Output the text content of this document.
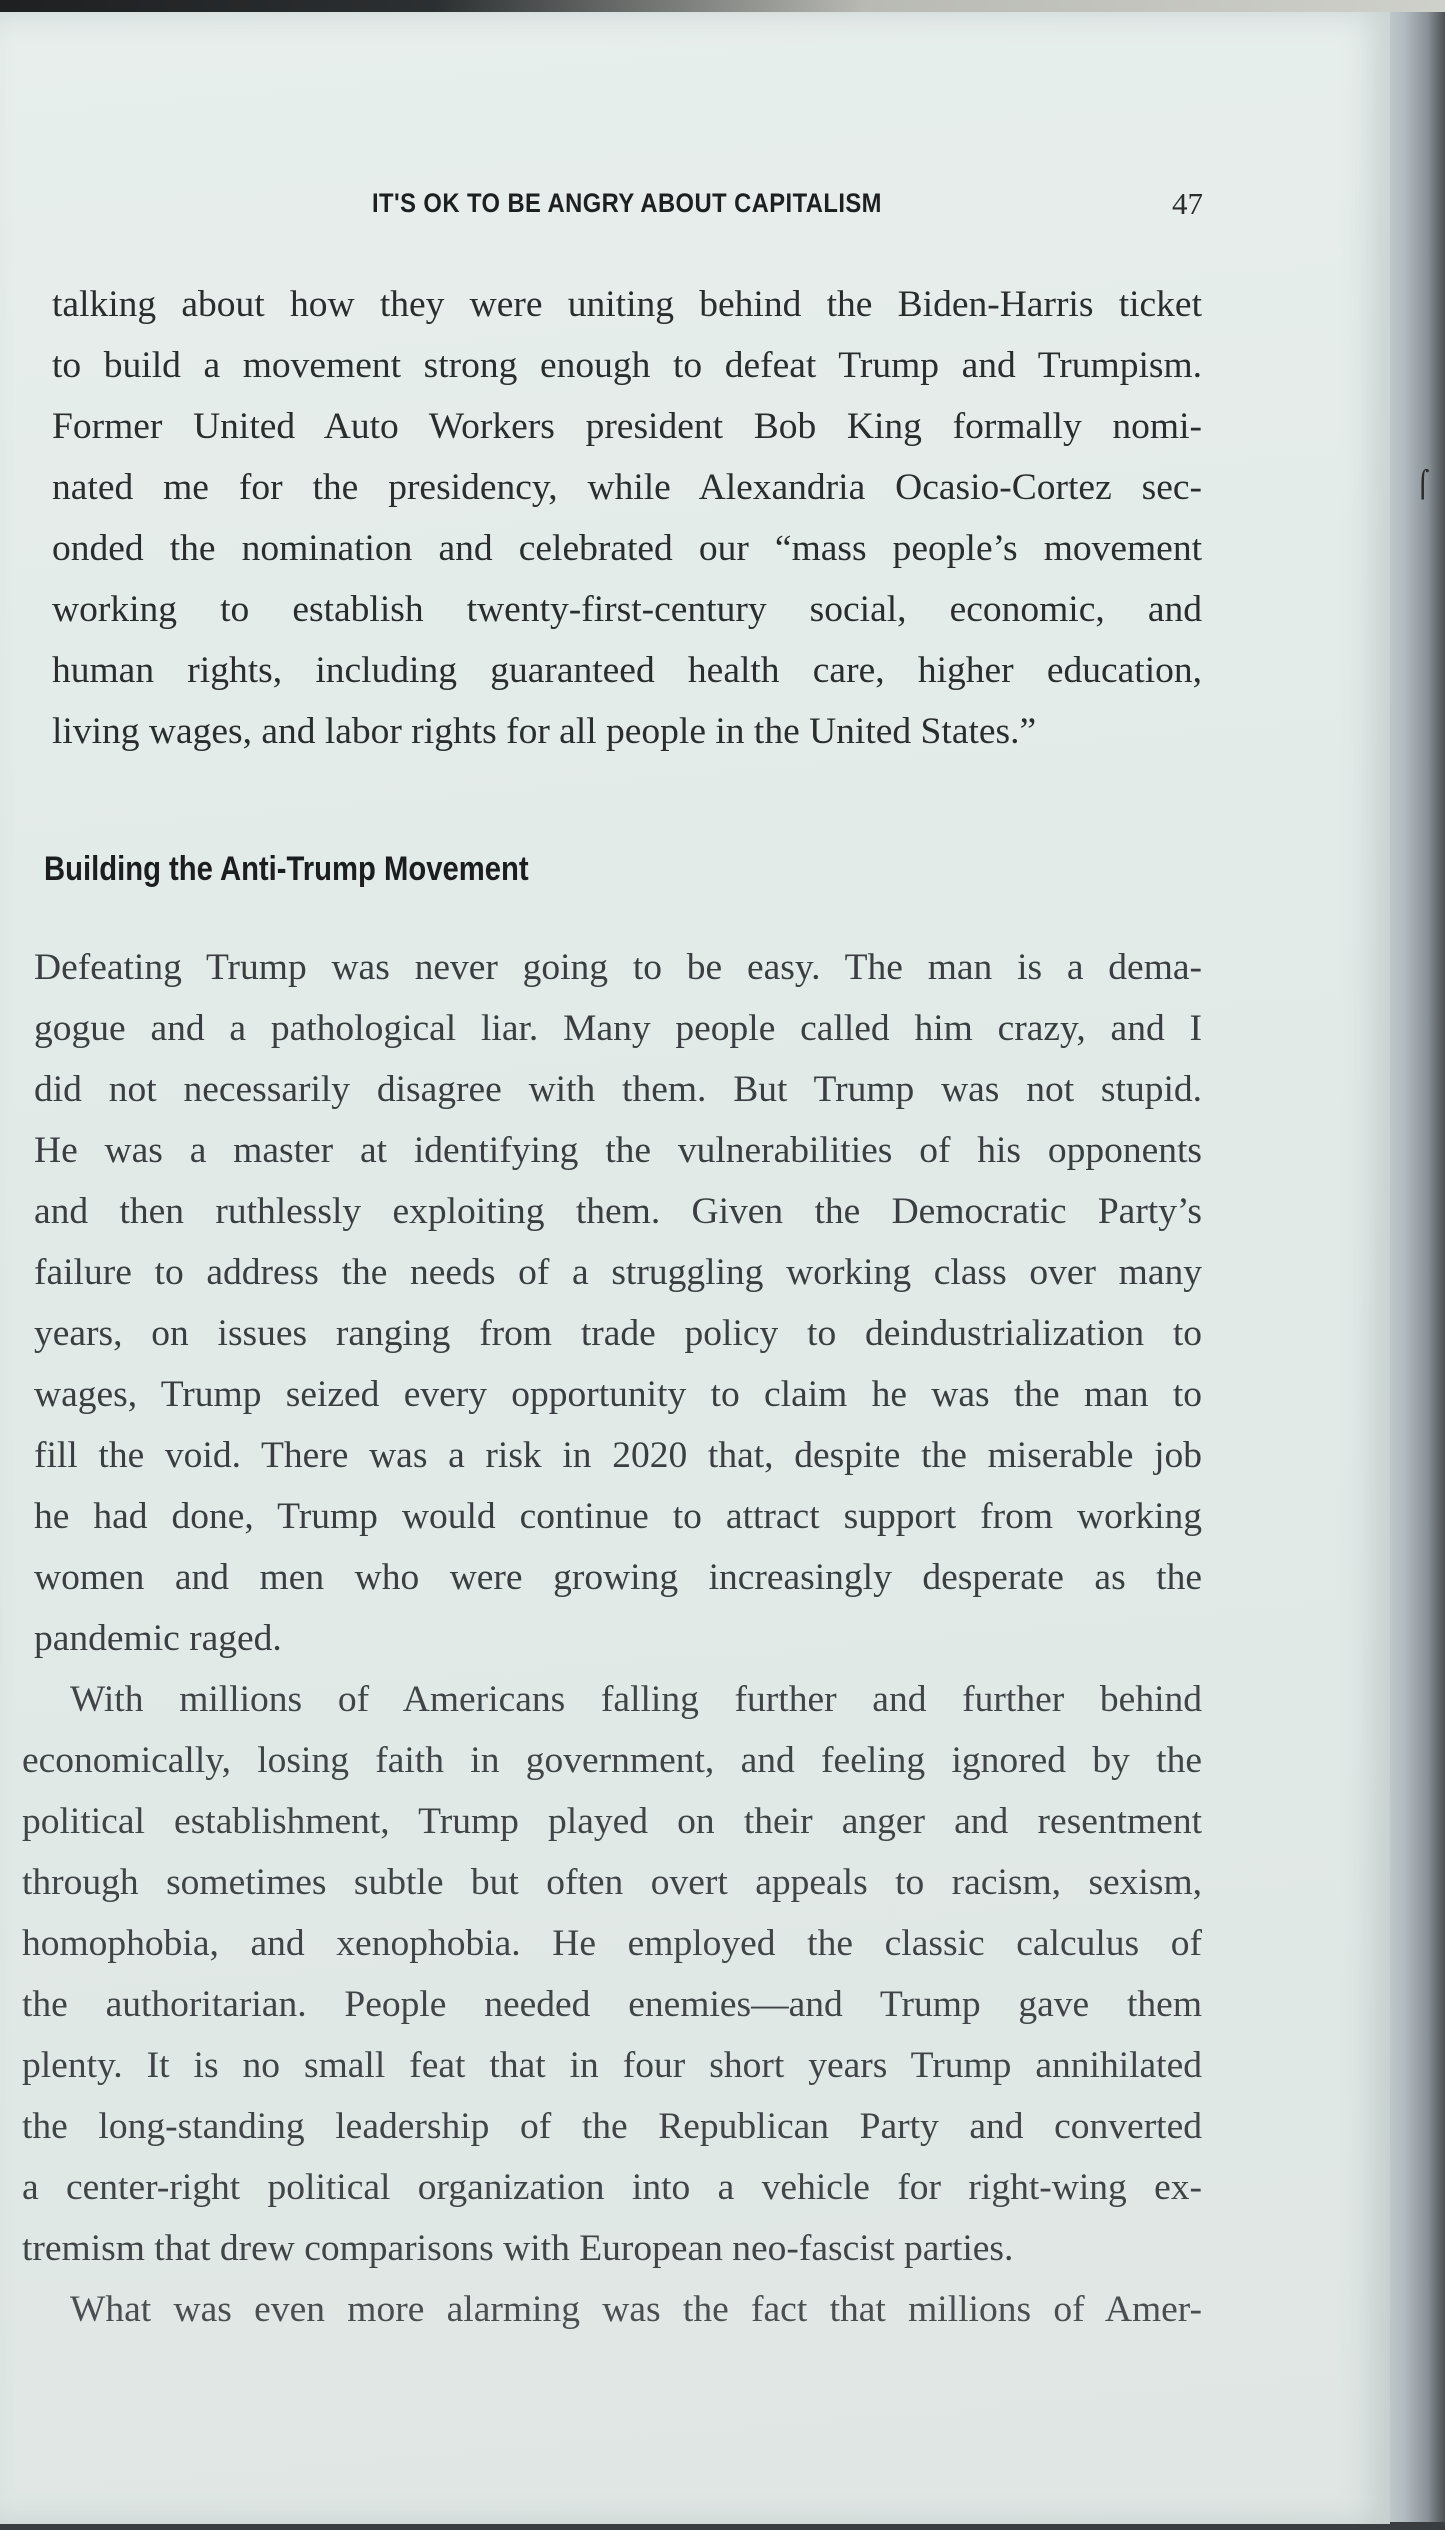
IT'S OK TO BE ANGRY ABOUT CAPITALISM	47
talking about how they were uniting behind the Biden-Harris ticket
to build a movement strong enough to defeat Trump and Trumpism.
Former United Auto Workers president Bob King formally nomi-
nated me for the presidency, while Alexandria Ocasio-Cortez sec-
onded the nomination and celebrated our “mass people’s movement
working to establish twenty-first-century social, economic, and
human rights, including guaranteed health care, higher education,
living wages, and labor rights for all people in the United States.”
Building the Anti-Trump Movement
Defeating Trump was never going to be easy. The man is a dema-
gogue and a pathological liar. Many people called him crazy, and I
did not necessarily disagree with them. But Trump was not stupid.
He was a master at identifying the vulnerabilities of his opponents
and then ruthlessly exploiting them. Given the Democratic Party’s
failure to address the needs of a struggling working class over many
years, on issues ranging from trade policy to deindustrialization to
wages, Trump seized every opportunity to claim he was the man to
fill the void. There was a risk in 2020 that, despite the miserable job
he had done, Trump would continue to attract support from working
women and men who were growing increasingly desperate as the
pandemic raged.
With millions of Americans falling further and further behind
economically, losing faith in government, and feeling ignored by the
political establishment, Trump played on their anger and resentment
through sometimes subtle but often overt appeals to racism, sexism,
homophobia, and xenophobia. He employed the classic calculus of
the authoritarian. People needed enemies—and Trump gave them
plenty. It is no small feat that in four short years Trump annihilated
the long-standing leadership of the Republican Party and converted
a center-right political organization into a vehicle for right-wing ex-
tremism that drew comparisons with European neo-fascist parties.
What was even more alarming was the fact that millions of Amer-
⌠
